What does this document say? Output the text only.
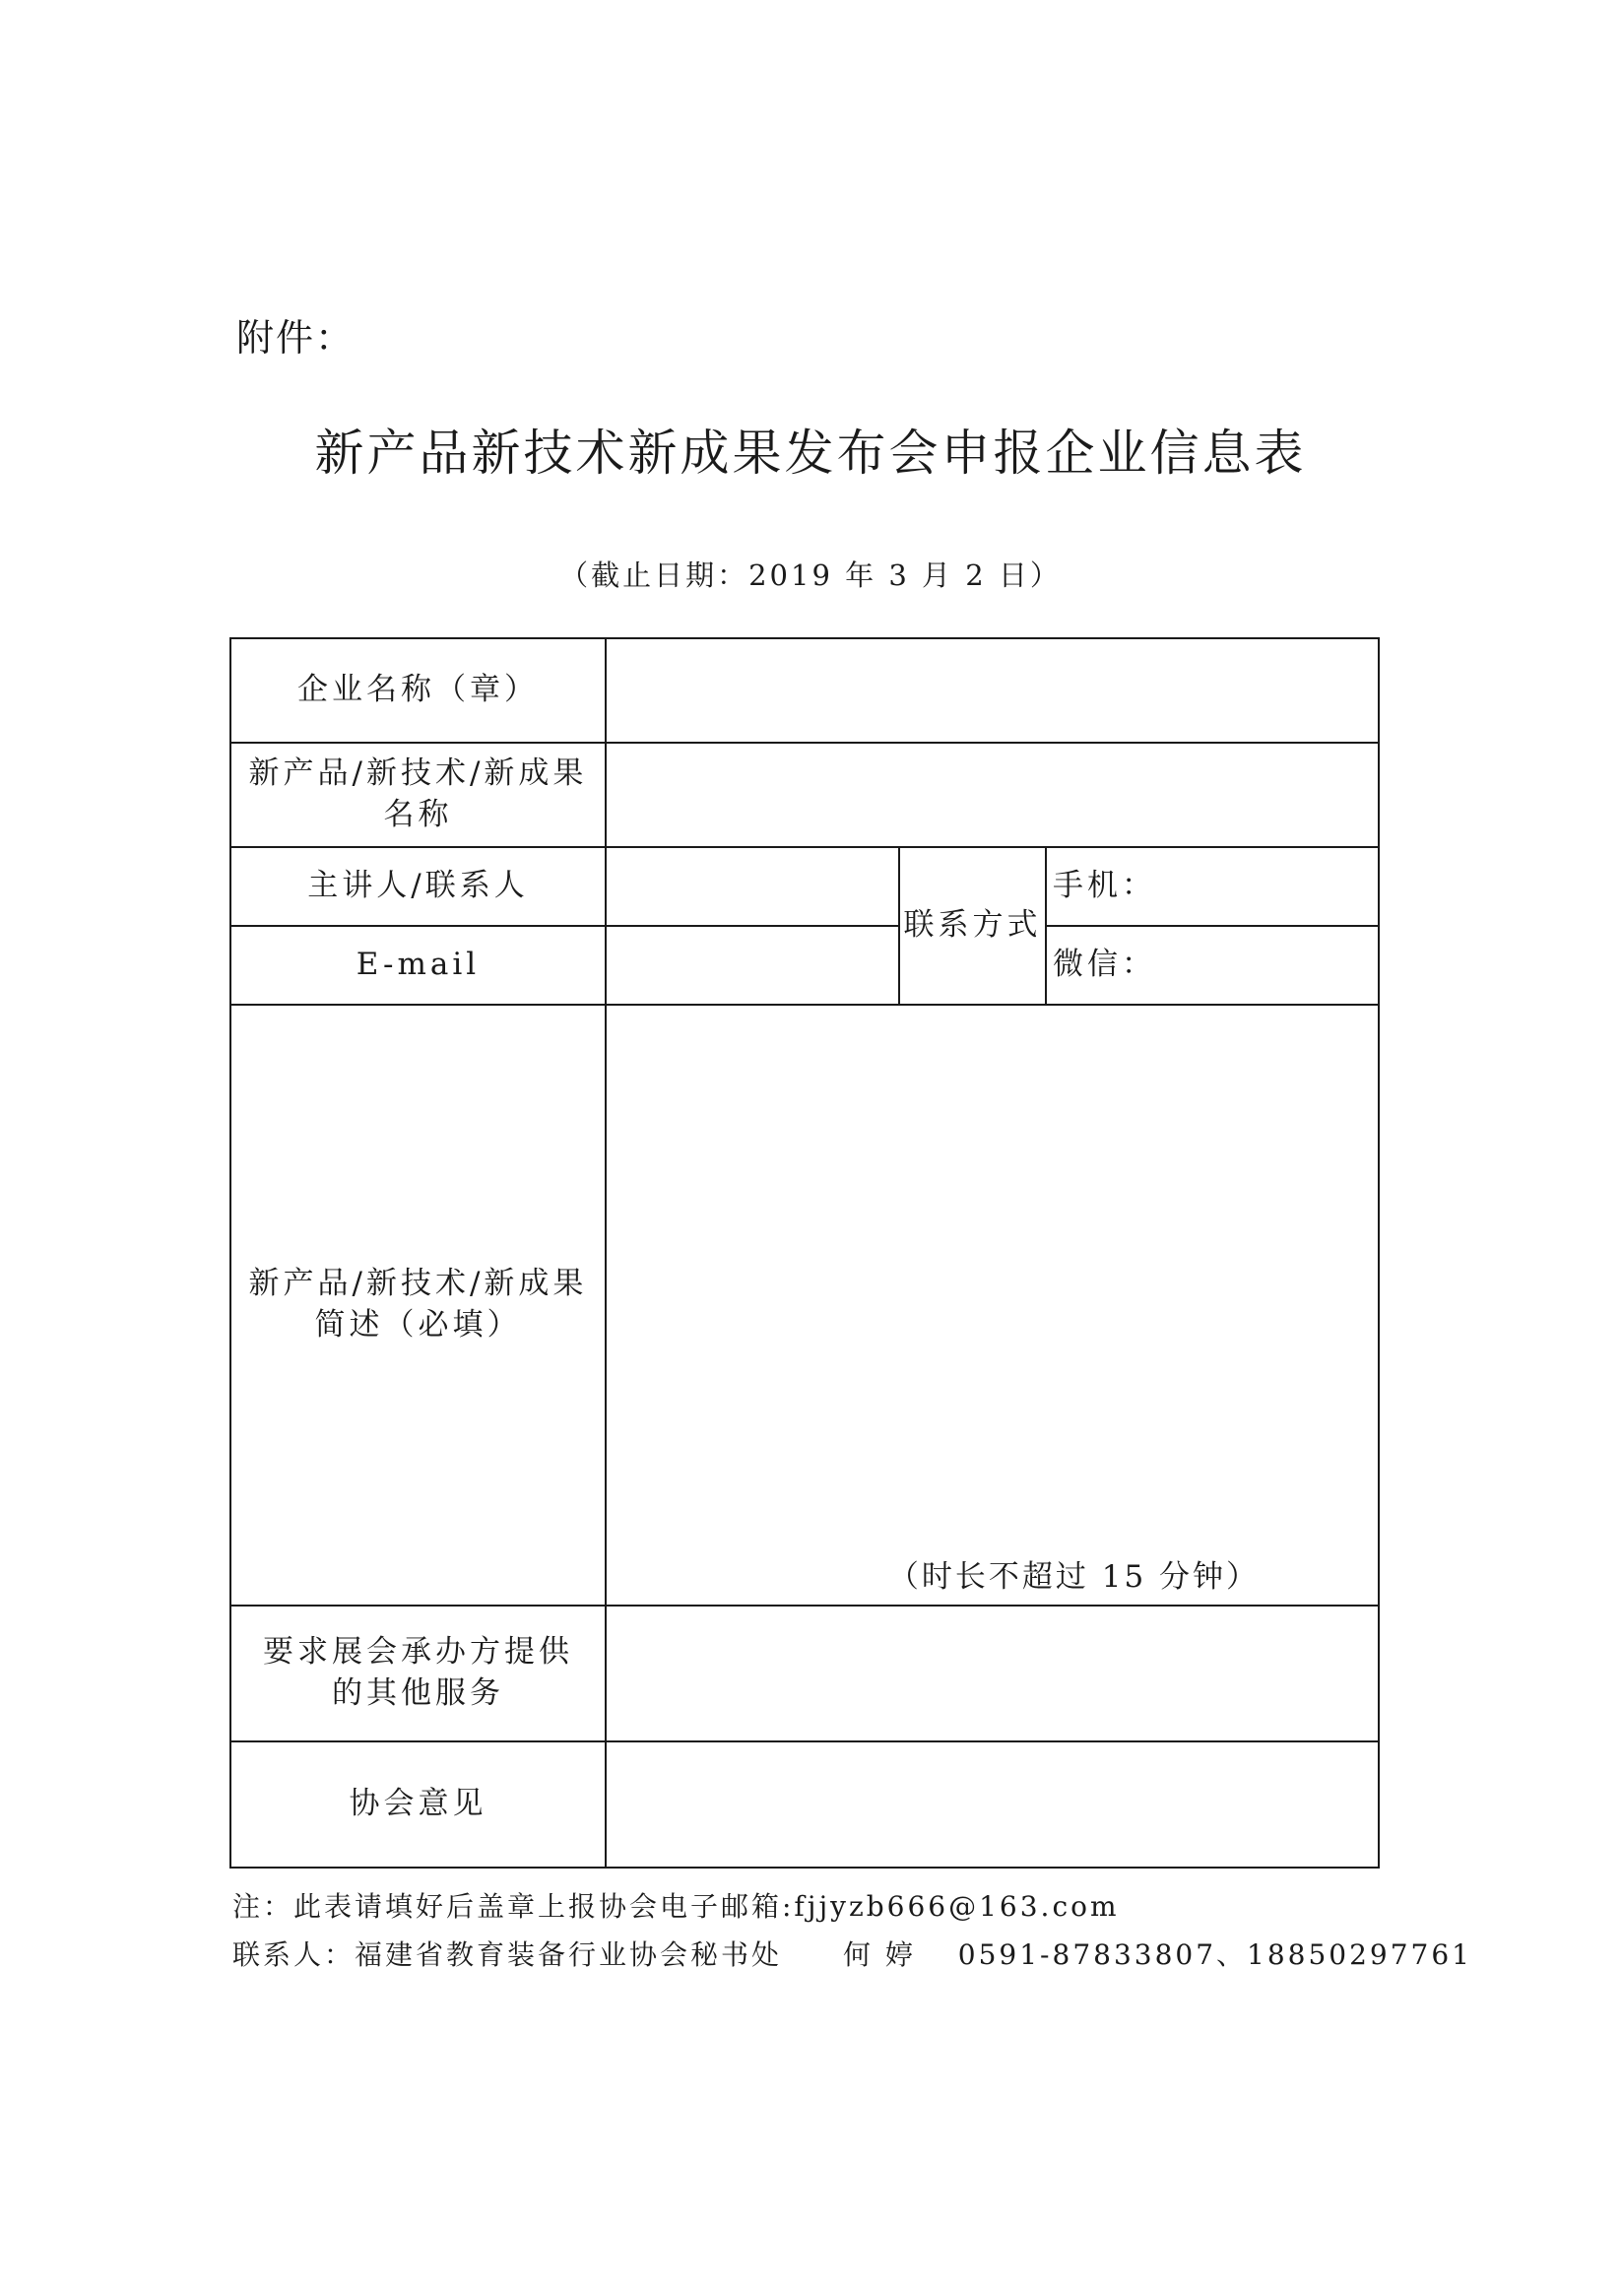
附件：
新产品新技术新成果发布会申报企业信息表
（截止日期：2019 年 3 月 2 日）
企业名称（章）			

新产品/新技术/新成果
名称			

主讲人/联系人		联系方式	手机：
E-mail			微信：

新产品/新技术/新成果
简述（必填）	（时长不超过 15 分钟）		

要求展会承办方提供
的其他服务			

协会意见			
注：此表请填好后盖章上报协会电子邮箱:fjjyzb666@163.com
联系人：福建省教育装备行业协会秘书处　　何 婷　 0591-87833807、18850297761
